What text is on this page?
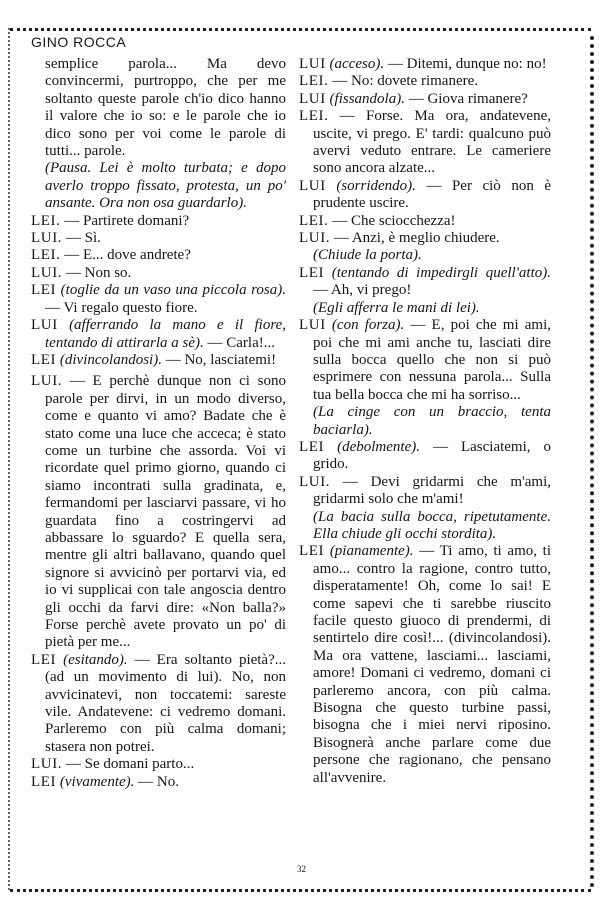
GINO ROCCA

semplice parola... Ma devo convincermi, purtroppo, che per me soltanto queste parole ch'io dico hanno il valore che io so: e le parole che io dico sono per voi come le parole di tutti... parole.

(Pausa. Lei è molto turbata; e dopo averlo troppo fissato, protesta, un po' ansante. Ora non osa guardarlo).

LEI. — Partirete domani?

LUI. — Sì.

LEI. — E... dove andrete?

LUI. — Non so.

LEI (toglie da un vaso una piccola rosa). — Vi regalo questo fiore.

LUI (afferrando la mano e il fiore, tentando di attirarla a sè). — Carla!...

LEI (divincolandosi). — No, lasciatemi!

LUI. — E perchè dunque non ci sono parole per dirvi, in un modo diverso, come e quanto vi amo? Badate che è stato come una luce che acceca; è stato come un turbine che assorda. Voi vi ricordate quel primo giorno, quando ci siamo incontrati sulla gradinata, e, fermandomi per lasciarvi passare, vi ho guardata fino a costringervi ad abbassare lo sguardo? E quella sera, mentre gli altri ballavano, quando quel signore si avvicinò per portarvi via, ed io vi supplicai con tale angoscia dentro gli occhi da farvi dire: «Non balla?» Forse perchè avete provato un po' di pietà per me...

LEI (esitando). — Era soltanto pietà?... (ad un movimento di lui). No, non avvicinatevi, non toccatemi: sareste vile. Andatevene: ci vedremo domani. Parleremo con più calma domani; stasera non potrei.

LUI. — Se domani parto...

LEI (vivamente). — No.

LUI (acceso). — Ditemi, dunque no: no!

LEI. — No: dovete rimanere.

LUI (fissandola). — Giova rimanere?

LEI. — Forse. Ma ora, andatevene, uscite, vi prego. E' tardi: qualcuno può avervi veduto entrare. Le cameriere sono ancora alzate...

LUI (sorridendo). — Per ciò non è prudente uscire.

LEI. — Che sciocchezza!

LUI. — Anzi, è meglio chiudere.

(Chiude la porta).

LEI (tentando di impedirgli quell'atto). — Ah, vi prego!

(Egli afferra le mani di lei).

LUI (con forza). — E, poi che mi ami, poi che mi ami anche tu, lasciati dire sulla bocca quello che non si può esprimere con nessuna parola... Sulla tua bella bocca che mi ha sorriso...

(La cinge con un braccio, tenta baciarla).

LEI (debolmente). — Lasciatemi, o grido.

LUI. — Devi gridarmi che m'ami, gridarmi solo che m'ami!

(La bacia sulla bocca, ripetutamente. Ella chiude gli occhi stordita).

LEI (pianamente). — Ti amo, ti amo, ti amo... contro la ragione, contro tutto, disperatamente! Oh, come lo sai! E come sapevi che ti sarebbe riuscito facile questo giuoco di prendermi, di sentirtelo dire così!... (divincolandosi). Ma ora vattene, lasciami... lasciami, amore! Domani ci vedremo, domani ci parleremo ancora, con più calma. Bisogna che questo turbine passi, bisogna che i miei nervi riposino. Bisognerà anche parlare come due persone che ragionano, che pensano all'avvenire.

32
